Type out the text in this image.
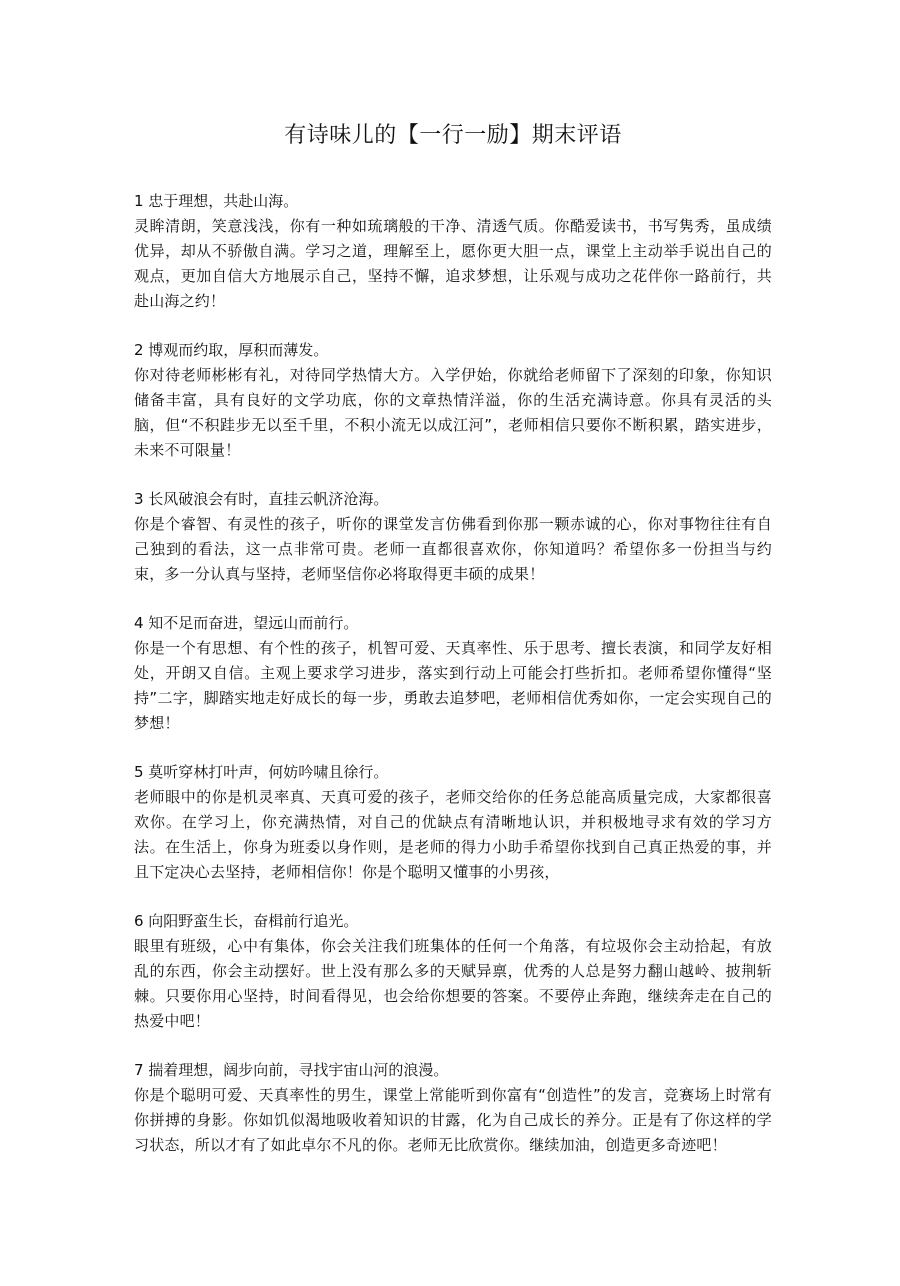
有诗味儿的【一行一励】期末评语

1 忠于理想，共赴山海。

灵眸清朗，笑意浅浅，你有一种如琉璃般的干净、清透气质。你酷爱读书，书写隽秀，虽成绩优异，却从不骄傲自满。学习之道，理解至上，愿你更大胆一点，课堂上主动举手说出自己的观点，更加自信大方地展示自己，坚持不懈，追求梦想，让乐观与成功之花伴你一路前行，共赴山海之约！

2 博观而约取，厚积而薄发。

你对待老师彬彬有礼，对待同学热情大方。入学伊始，你就给老师留下了深刻的印象，你知识储备丰富，具有良好的文学功底，你的文章热情洋溢，你的生活充满诗意。你具有灵活的头脑，但“不积跬步无以至千里，不积小流无以成江河”，老师相信只要你不断积累，踏实进步，未来不可限量！

3 长风破浪会有时，直挂云帆济沧海。

你是个睿智、有灵性的孩子，听你的课堂发言仿佛看到你那一颗赤诚的心，你对事物往往有自己独到的看法，这一点非常可贵。老师一直都很喜欢你，你知道吗？希望你多一份担当与约束，多一分认真与坚持，老师坚信你必将取得更丰硕的成果！

4 知不足而奋进，望远山而前行。

你是一个有思想、有个性的孩子，机智可爱、天真率性、乐于思考、擅长表演，和同学友好相处，开朗又自信。主观上要求学习进步，落实到行动上可能会打些折扣。老师希望你懂得“坚持”二字，脚踏实地走好成长的每一步，勇敢去追梦吧，老师相信优秀如你，一定会实现自己的梦想！

5 莫听穿林打叶声，何妨吟啸且徐行。

老师眼中的你是机灵率真、天真可爱的孩子，老师交给你的任务总能高质量完成，大家都很喜欢你。在学习上，你充满热情，对自己的优缺点有清晰地认识，并积极地寻求有效的学习方法。在生活上，你身为班委以身作则，是老师的得力小助手希望你找到自己真正热爱的事，并且下定决心去坚持，老师相信你！你是个聪明又懂事的小男孩，

6 向阳野蛮生长，奋楫前行追光。

眼里有班级，心中有集体，你会关注我们班集体的任何一个角落，有垃圾你会主动拾起，有放乱的东西，你会主动摆好。世上没有那么多的天赋异禀，优秀的人总是努力翻山越岭、披荆斩棘。只要你用心坚持，时间看得见，也会给你想要的答案。不要停止奔跑，继续奔走在自己的热爱中吧！

7 揣着理想，阔步向前，寻找宇宙山河的浪漫。

你是个聪明可爱、天真率性的男生，课堂上常能听到你富有“创造性”的发言，竞赛场上时常有你拼搏的身影。你如饥似渴地吸收着知识的甘露，化为自己成长的养分。正是有了你这样的学习状态，所以才有了如此卓尔不凡的你。老师无比欣赏你。继续加油，创造更多奇迹吧！
